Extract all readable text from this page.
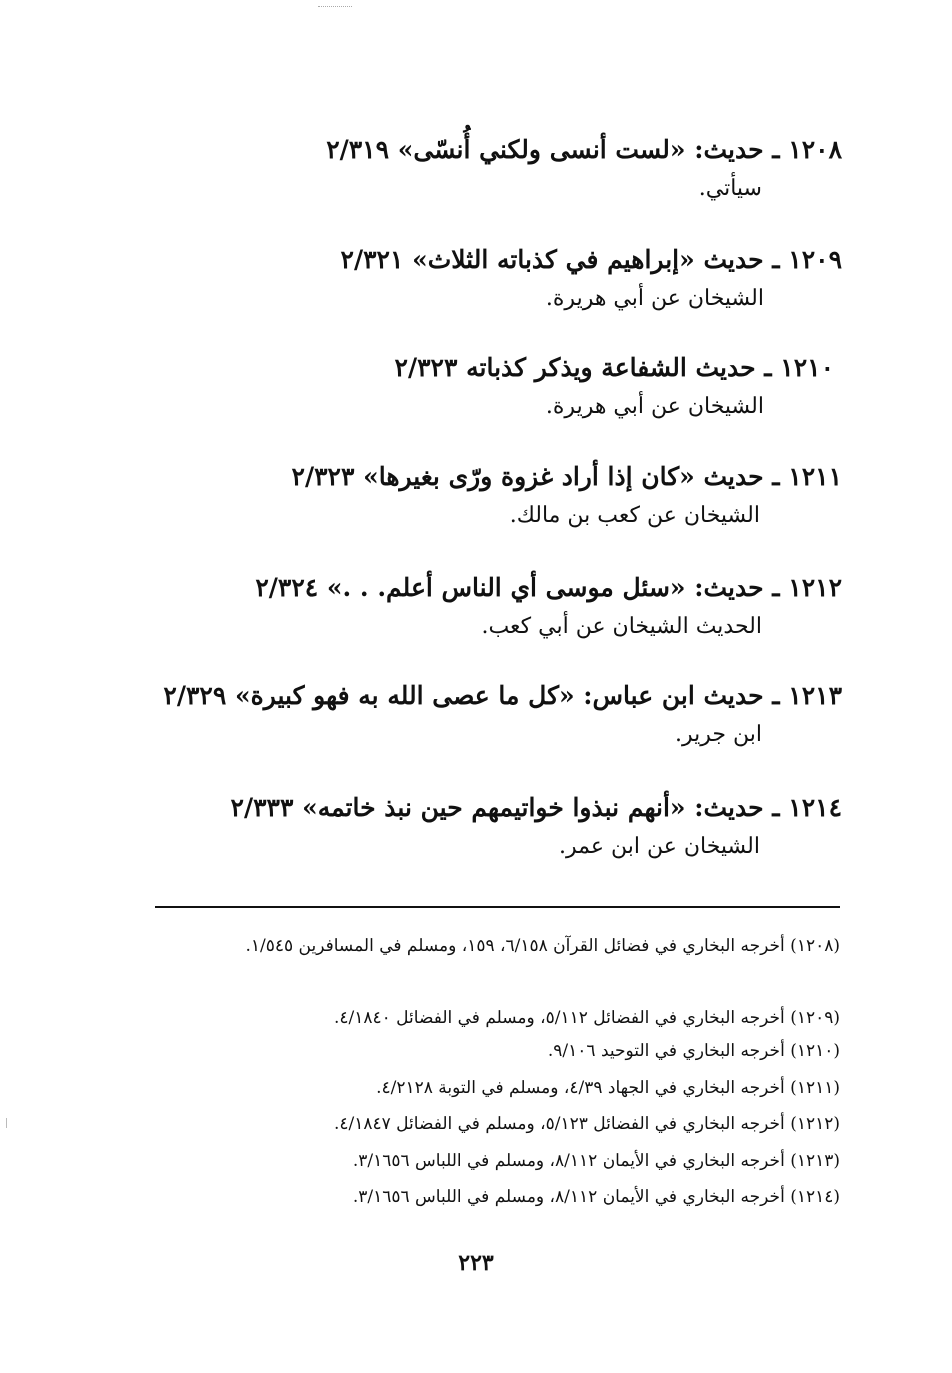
١٢٠٨ ـ حديث: «لست أنسى ولكني أُنسّى» ٢/٣١٩
سيأتي.
١٢٠٩ ـ حديث «إبراهيم في كذباته الثلاث» ٢/٣٢١
الشيخان عن أبي هريرة.
١٢١٠ ـ حديث الشفاعة ويذكر كذباته ٢/٣٢٣
الشيخان عن أبي هريرة.
١٢١١ ـ حديث «كان إذا أراد غزوة ورّى بغيرها» ٢/٣٢٣
الشيخان عن كعب بن مالك.
١٢١٢ ـ حديث: «سئل موسى أي الناس أعلم. . .» ٢/٣٢٤
الحديث الشيخان عن أبي كعب.
١٢١٣ ـ حديث ابن عباس: «كل ما عصى الله به فهو كبيرة» ٢/٣٢٩
ابن جرير.
١٢١٤ ـ حديث: «أنهم نبذوا خواتيمهم حين نبذ خاتمه» ٢/٣٣٣
الشيخان عن ابن عمر.
(١٢٠٨) أخرجه البخاري في فضائل القرآن ٦/١٥٨، ١٥٩، ومسلم في المسافرين ١/٥٤٥.
(١٢٠٩) أخرجه البخاري في الفضائل ٥/١١٢، ومسلم في الفضائل ٤/١٨٤٠.
(١٢١٠) أخرجه البخاري في التوحيد ٩/١٠٦.
(١٢١١) أخرجه البخاري في الجهاد ٤/٣٩، ومسلم في التوبة ٤/٢١٢٨.
(١٢١٢) أخرجه البخاري في الفضائل ٥/١٢٣، ومسلم في الفضائل ٤/١٨٤٧.
(١٢١٣) أخرجه البخاري في الأيمان ٨/١١٢، ومسلم في اللباس ٣/١٦٥٦.
(١٢١٤) أخرجه البخاري في الأيمان ٨/١١٢، ومسلم في اللباس ٣/١٦٥٦.
٢٢٣
